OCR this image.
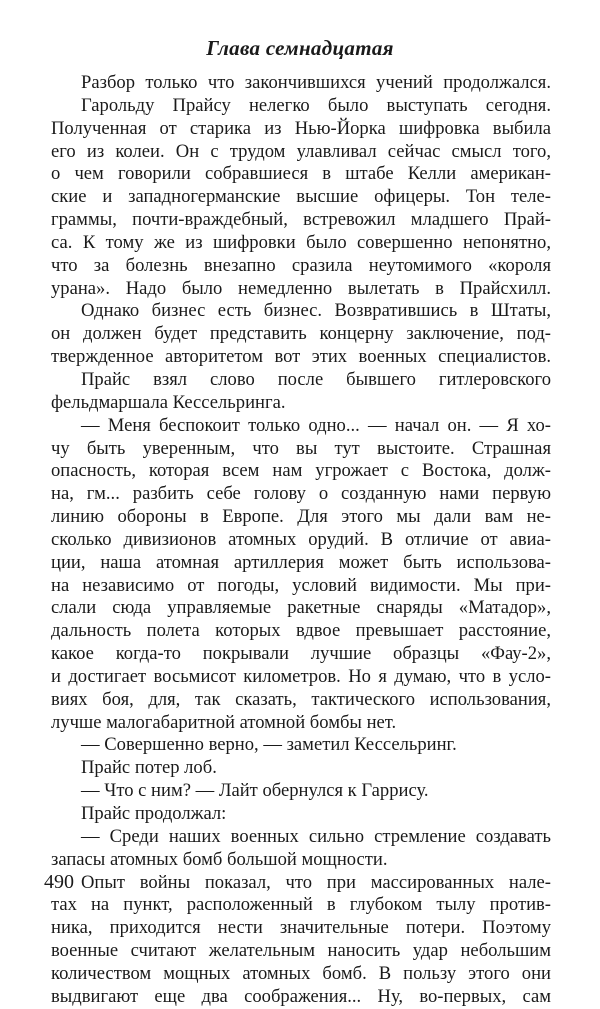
Глава семнадцатая
Разбор только что закончившихся учений продолжался.
Гарольду Прайсу нелегко было выступать сегодня.
Полученная от старика из Нью-Йорка шифровка выбила
его из колеи. Он с трудом улавливал сейчас смысл того,
о чем говорили собравшиеся в штабе Келли американ-
ские и западногерманские высшие офицеры. Тон теле-
граммы, почти-враждебный, встревожил младшего Прай-
са. К тому же из шифровки было совершенно непонятно,
что за болезнь внезапно сразила неутомимого «короля
урана». Надо было немедленно вылетать в Прайсхилл.
Однако бизнес есть бизнес. Возвратившись в Штаты,
он должен будет представить концерну заключение, под-
твержденное авторитетом вот этих военных специалистов.
Прайс взял слово после бывшего гитлеровского
фельдмаршала Кессельринга.
— Меня беспокоит только одно... — начал он. — Я хо-
чу быть уверенным, что вы тут выстоите. Страшная
опасность, которая всем нам угрожает с Востока, долж-
на, гм... разбить себе голову о созданную нами первую
линию обороны в Европе. Для этого мы дали вам не-
сколько дивизионов атомных орудий. В отличие от авиа-
ции, наша атомная артиллерия может быть использова-
на независимо от погоды, условий видимости. Мы при-
слали сюда управляемые ракетные снаряды «Матадор»,
дальность полета которых вдвое превышает расстояние,
какое когда-то покрывали лучшие образцы «Фау-2»,
и достигает восьмисот километров. Но я думаю, что в усло-
виях боя, для, так сказать, тактического использования,
лучше малогабаритной атомной бомбы нет.
— Совершенно верно, — заметил Кессельринг.
Прайс потер лоб.
— Что с ним? — Лайт обернулся к Гаррису.
Прайс продолжал:
— Среди наших военных сильно стремление создавать
запасы атомных бомб большой мощности.
Опыт войны показал, что при массированных нале-
тах на пункт, расположенный в глубоком тылу против-
ника, приходится нести значительные потери. Поэтому
военные считают желательным наносить удар небольшим
количеством мощных атомных бомб. В пользу этого они
выдвигают еще два соображения... Ну, во-первых, сам
490
